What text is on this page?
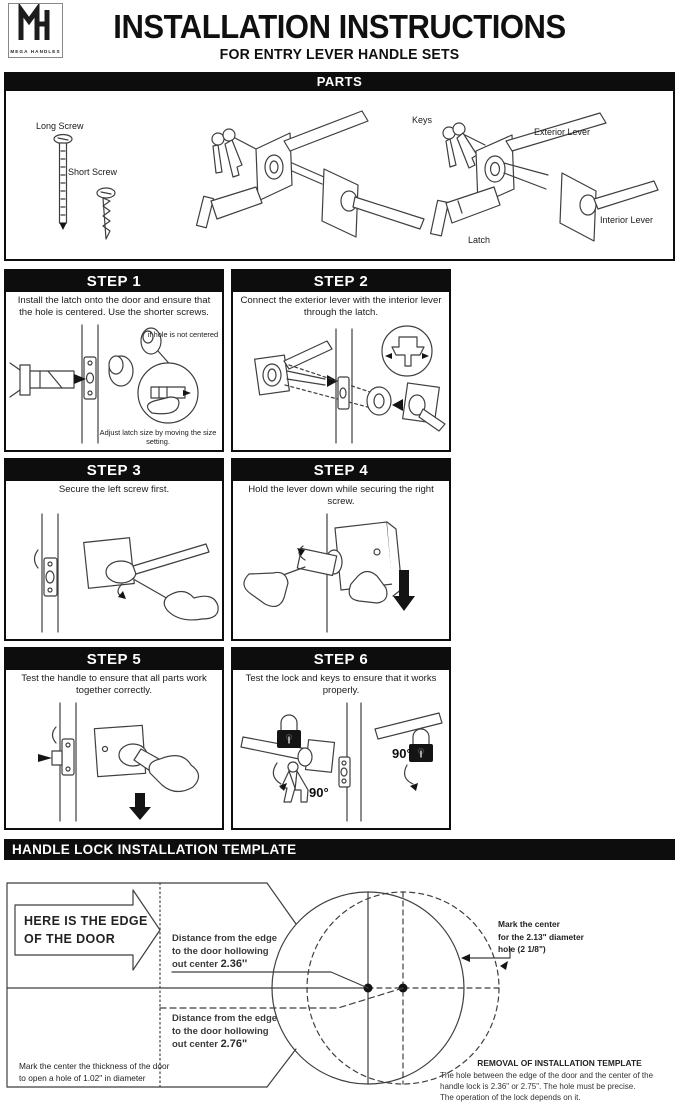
MEGA HANDLES
INSTALLATION INSTRUCTIONS
FOR ENTRY LEVER HANDLE SETS
PARTS
Long Screw
Short Screw
Keys
Exterior Lever
Latch
Interior Lever
STEP 1
Install the latch onto the door and ensure that the hole is centered. Use the shorter screws.
if hole is not centered
Adjust latch size by moving the size setting.
STEP 2
Connect the exterior lever with the interior lever through the latch.
STEP 3
Secure the left screw first.
STEP 4
Hold the lever down while securing the right screw.
STEP 5
Test the handle to ensure that all parts work together correctly.
STEP 6
Test the lock and keys to ensure that it works properly.
90°
90°
HANDLE LOCK INSTALLATION TEMPLATE
HERE IS THE EDGE
OF THE DOOR	Distance from the edge
to the door hollowing
out center 2.36''
Distance from the edge
to the door hollowing
out center 2.76"
Mark the center the thickness of the door
to open a hole of 1.02" in diameter
Mark the center
for the 2.13" diameter
hole (2 1/8")
REMOVAL OF INSTALLATION TEMPLATE
The hole between the edge of the door and the center of the
handle lock is 2.36" or 2.75". The hole must be precise.
The operation of the lock depends on it.
